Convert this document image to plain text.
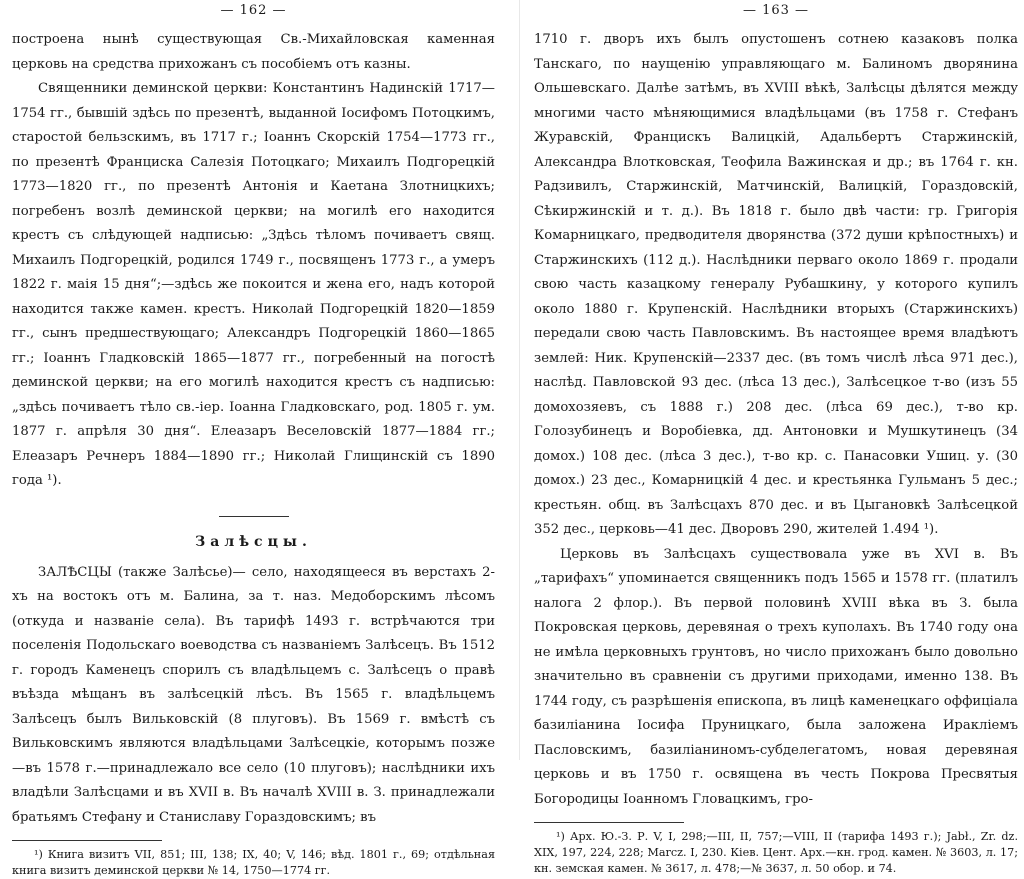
— 162 —

построена нынѣ существующая Св.-Михайловская каменная церковь на средства прихожанъ съ пособіемъ отъ казны.

Священники деминской церкви: Константинъ Надинскій 1717—1754 гг., бывшій здѣсь по презентѣ, выданной Іосифомъ Потоцкимъ, старостой бельзскимъ, въ 1717 г.; Іоаннъ Скорскій 1754—1773 гг., по презентѣ Франциска Салезія Потоцкаго; Михаилъ Подгорецкій 1773—1820 гг., по презентѣ Антонія и Каетана Злотницкихъ; погребенъ возлѣ деминской церкви; на могилѣ его находится крестъ съ слѣдующей надписью: „Здѣсь тѣломъ почиваетъ свящ. Михаилъ Подгорецкій, родился 1749 г., посвященъ 1773 г., а умеръ 1822 г. маія 15 дня“;—здѣсь же покоится и жена его, надъ которой находится также камен. крестъ. Николай Подгорецкій 1820—1859 гг., сынъ предшествующаго; Александръ Подгорецкій 1860—1865 гг.; Іоаннъ Гладковскій 1865—1877 гг., погребенный на погостѣ деминской церкви; на его могилѣ находится крестъ съ надписью: „здѣсь почиваетъ тѣло св.-іер. Іоанна Гладковскаго, род. 1805 г. ум. 1877 г. апрѣля 30 дня“. Елеазаръ Веселовскій 1877—1884 гг.; Елеазаръ Речнеръ 1884—1890 гг.; Николай Глищинскій съ 1890 года ¹).

Залѣсцы.

ЗАЛѢСЦЫ (также Залѣсье)— село, находящееся въ верстахъ 2-хъ на востокъ отъ м. Балина, за т. наз. Медоборскимъ лѣсомъ (откуда и названіе села). Въ тарифѣ 1493 г. встрѣчаются три поселенія Подольскаго воеводства съ названіемъ Залѣсецъ. Въ 1512 г. городъ Каменецъ спорилъ съ владѣльцемъ с. Залѣсецъ о правѣ въѣзда мѣщанъ въ залѣсецкій лѣсъ. Въ 1565 г. владѣльцемъ Залѣсецъ былъ Вильковскій (8 плуговъ). Въ 1569 г. вмѣстѣ съ Вильковскимъ являются владѣльцами Залѣсецкіе, которымъ позже—въ 1578 г.—принадлежало все село (10 плуговъ); наслѣдники ихъ владѣли Залѣсцами и въ XVII в. Въ началѣ XVIII в. З. принадлежали братьямъ Стефану и Станиславу Гораздовскимъ; въ

¹) Книга визитъ VII, 851; III, 138; IX, 40; V, 146; вѣд. 1801 г., 69; отдѣльная книга визитъ деминской церкви № 14, 1750—1774 гг.

— 163 —

1710 г. дворъ ихъ былъ опустошенъ сотнею казаковъ полка Танскаго, по наущенію управляющаго м. Балиномъ дворянина Ольшевскаго. Далѣе затѣмъ, въ XVIII вѣкѣ, Залѣсцы дѣлятся между многими часто мѣняющимися владѣльцами (въ 1758 г. Стефанъ Журавскій, Францискъ Валицкій, Адальбертъ Старжинскій, Александра Влотковская, Теофила Важинская и др.; въ 1764 г. кн. Радзивилъ, Старжинскій, Матчинскій, Валицкій, Гораздовскій, Сѣкиржинскій и т. д.). Въ 1818 г. было двѣ части: гр. Григорія Комарницкаго, предводителя дворянства (372 души крѣпостныхъ) и Старжинскихъ (112 д.). Наслѣдники перваго около 1869 г. продали свою часть казацкому генералу Рубашкину, у которого купилъ около 1880 г. Крупенскій. Наслѣдники вторыхъ (Старжинскихъ) передали свою часть Павловскимъ. Въ настоящее время владѣютъ землей: Ник. Крупенскій—2337 дес. (въ томъ числѣ лѣса 971 дес.), наслѣд. Павловской 93 дес. (лѣса 13 дес.), Залѣсецкое т-во (изъ 55 домохозяевъ, съ 1888 г.) 208 дес. (лѣса 69 дес.), т-во кр. Голозубинецъ и Воробіевка, дд. Антоновки и Мушкутинецъ (34 домох.) 108 дес. (лѣса 3 дес.), т-во кр. с. Панасовки Ушиц. у. (30 домох.) 23 дес., Комарницкій 4 дес. и крестьянка Гульманъ 5 дес.; крестьян. общ. въ Залѣсцахъ 870 дес. и въ Цыгановкѣ Залѣсецкой 352 дес., церковь—41 дес. Дворовъ 290, жителей 1.494 ¹).

Церковь въ Залѣсцахъ существовала уже въ XVI в. Въ „тарифахъ“ упоминается священникъ подъ 1565 и 1578 гг. (платилъ налога 2 флор.). Въ первой половинѣ XVIII вѣка въ З. была Покровская церковь, деревяная о трехъ куполахъ. Въ 1740 году она не имѣла церковныхъ грунтовъ, но число прихожанъ было довольно значительно въ сравненіи съ другими приходами, именно 138. Въ 1744 году, съ разрѣшенія епископа, въ лицѣ каменецкаго оффиціала базиліанина Іосифа Пруницкаго, была заложена Иракліемъ Пасловскимъ, базиліаниномъ-субделегатомъ, новая деревяная церковь и въ 1750 г. освящена въ честь Покрова Пресвятыя Богородицы Іоанномъ Гловацкимъ, гро-

¹) Арх. Ю.-З. Р. V, I, 298;—III, II, 757;—VIII, II (тарифа 1493 г.); Jabł., Zr. dz. XIX, 197, 224, 228; Marcz. I, 230. Кіев. Цент. Арх.—кн. грод. камен. № 3603, л. 17; кн. земская камен. № 3617, л. 478;—№ 3637, л. 50 обор. и 74.
